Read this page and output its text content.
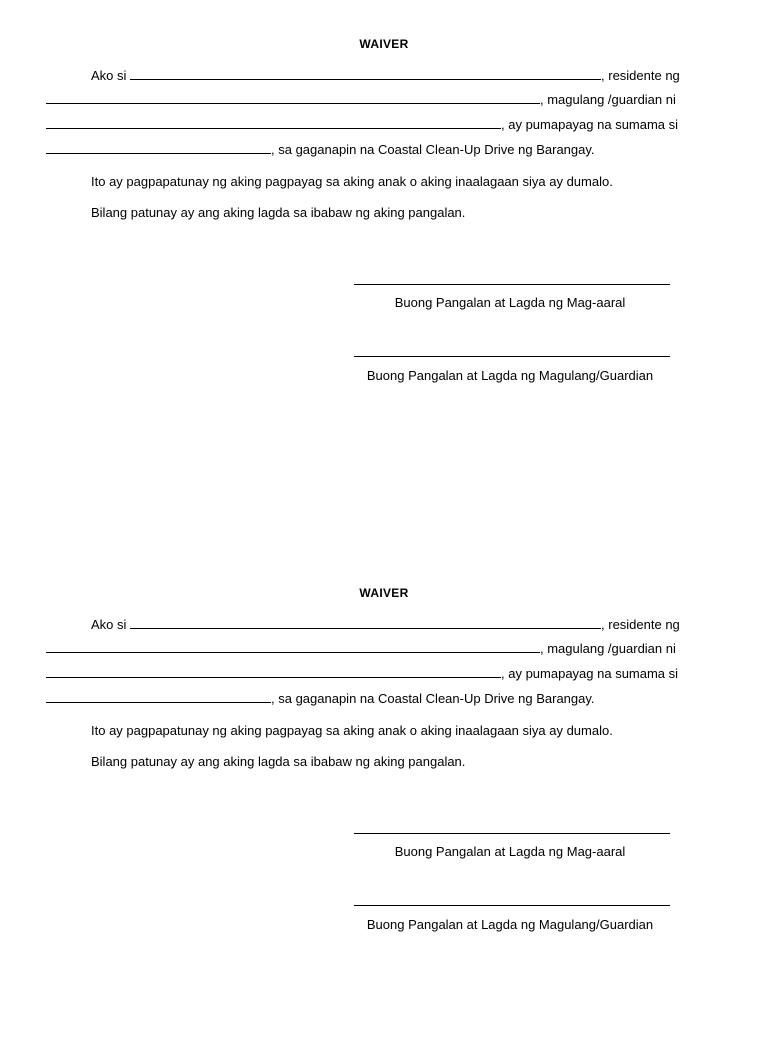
WAIVER
Ako si	, residente ng
, magulang /guardian ni
, ay pumapayag na sumama si
, sa gaganapin na Coastal Clean-Up Drive ng Barangay.
Ito ay pagpapatunay ng aking pagpayag sa aking anak o aking inaalagaan siya ay dumalo.
Bilang patunay ay ang aking lagda sa ibabaw ng aking pangalan.
Buong Pangalan at Lagda ng Mag-aaral
Buong Pangalan at Lagda ng Magulang/Guardian
WAIVER
Ako si	, residente ng
, magulang /guardian ni
, ay pumapayag na sumama si
, sa gaganapin na Coastal Clean-Up Drive ng Barangay.
Ito ay pagpapatunay ng aking pagpayag sa aking anak o aking inaalagaan siya ay dumalo.
Bilang patunay ay ang aking lagda sa ibabaw ng aking pangalan.
Buong Pangalan at Lagda ng Mag-aaral
Buong Pangalan at Lagda ng Magulang/Guardian
